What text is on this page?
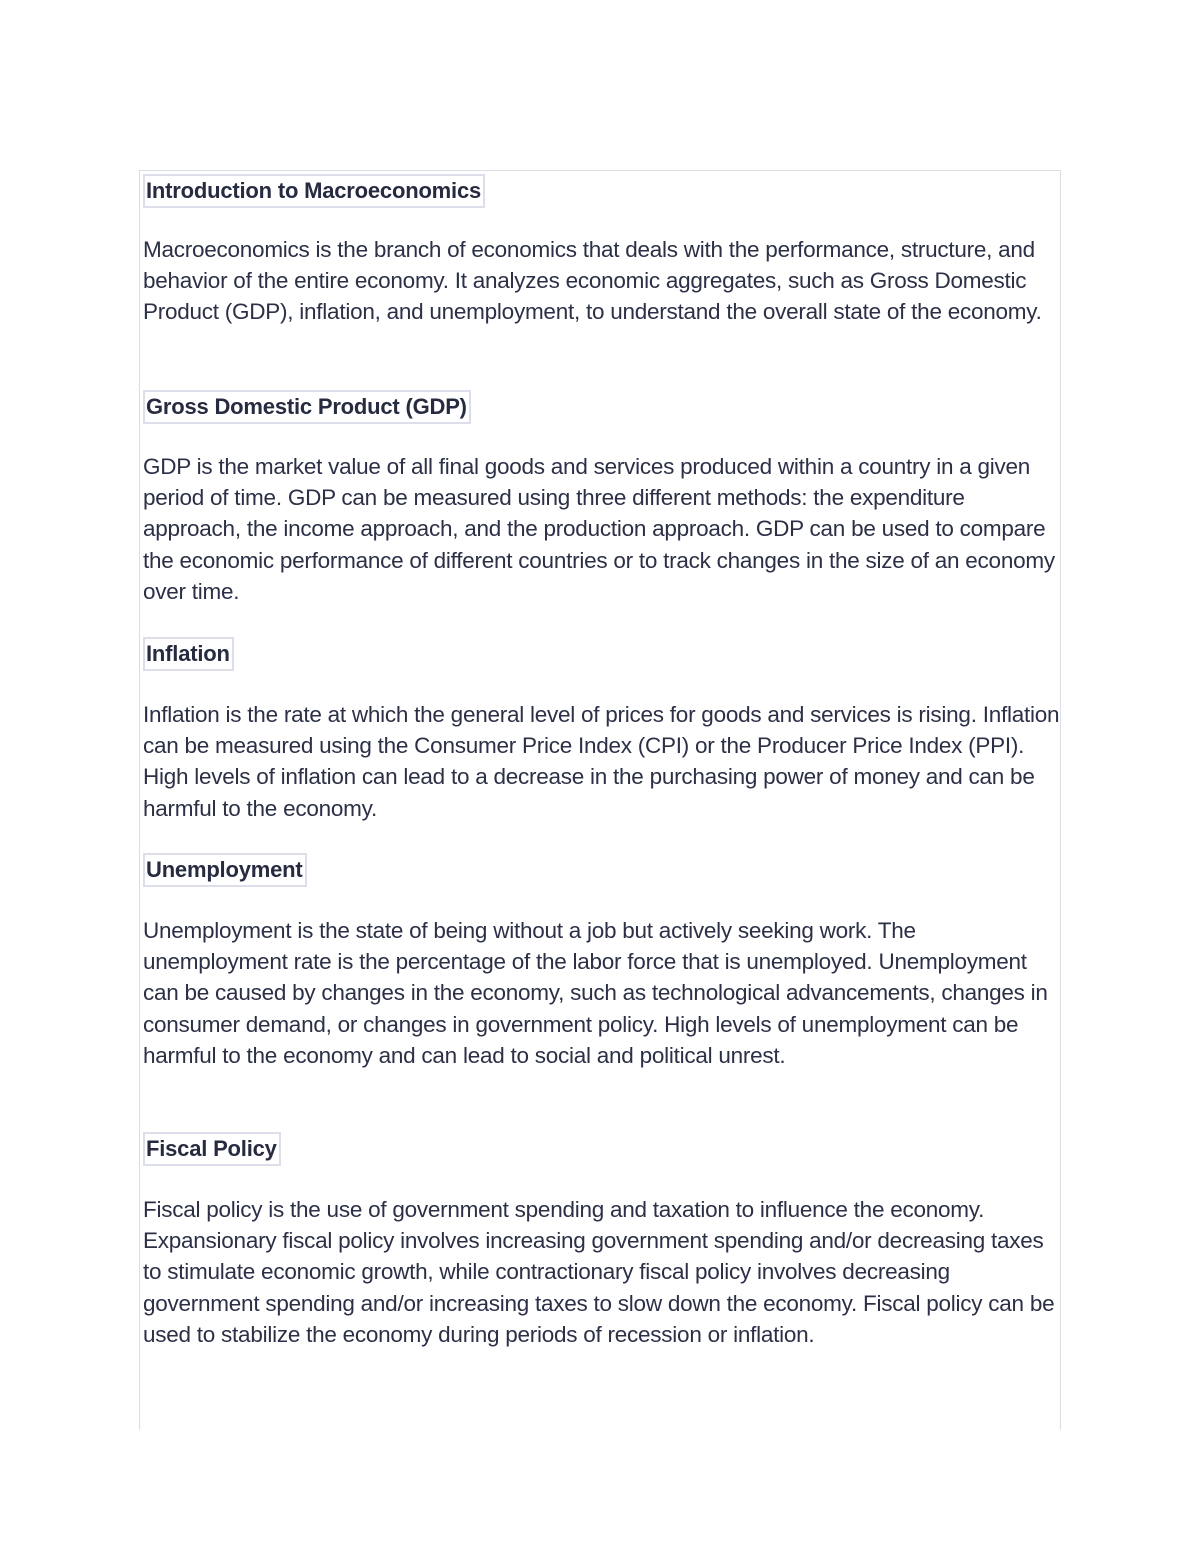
Introduction to Macroeconomics

Macroeconomics is the branch of economics that deals with the performance, structure, and behavior of the entire economy. It analyzes economic aggregates, such as Gross Domestic Product (GDP), inflation, and unemployment, to understand the overall state of the economy.

Gross Domestic Product (GDP)

GDP is the market value of all final goods and services produced within a country in a given period of time. GDP can be measured using three different methods: the expenditure approach, the income approach, and the production approach. GDP can be used to compare the economic performance of different countries or to track changes in the size of an economy over time.

Inflation

Inflation is the rate at which the general level of prices for goods and services is rising. Inflation can be measured using the Consumer Price Index (CPI) or the Producer Price Index (PPI). High levels of inflation can lead to a decrease in the purchasing power of money and can be harmful to the economy.

Unemployment

Unemployment is the state of being without a job but actively seeking work. The unemployment rate is the percentage of the labor force that is unemployed. Unemployment can be caused by changes in the economy, such as technological advancements, changes in consumer demand, or changes in government policy. High levels of unemployment can be harmful to the economy and can lead to social and political unrest.

Fiscal Policy

Fiscal policy is the use of government spending and taxation to influence the economy. Expansionary fiscal policy involves increasing government spending and/or decreasing taxes to stimulate economic growth, while contractionary fiscal policy involves decreasing government spending and/or increasing taxes to slow down the economy. Fiscal policy can be used to stabilize the economy during periods of recession or inflation.
